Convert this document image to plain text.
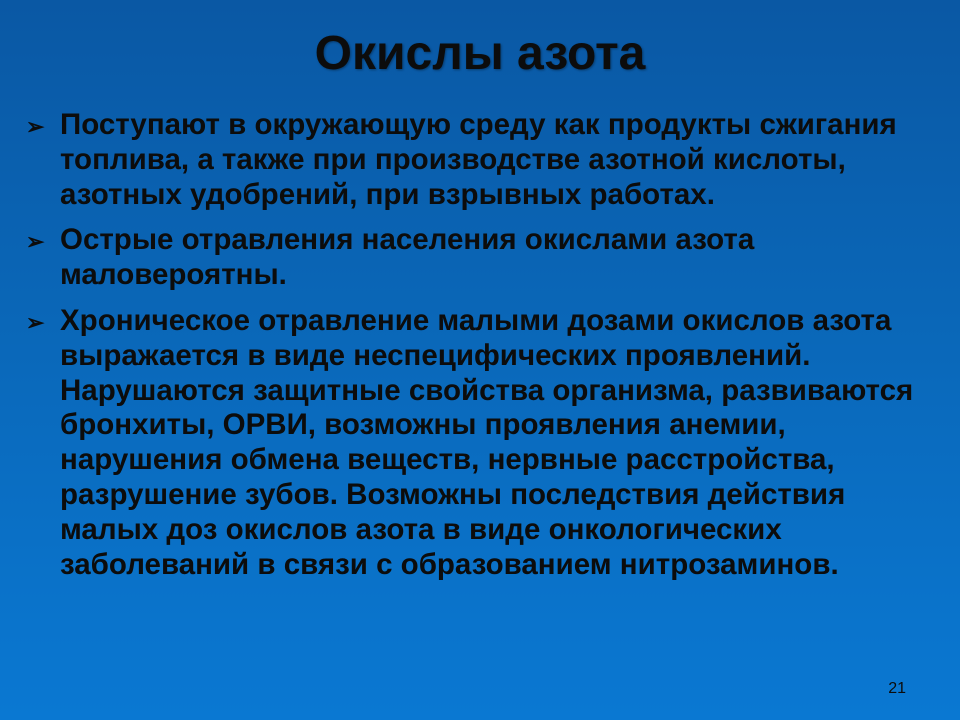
Окислы азота
➢ Поступают в окружающую среду как продукты сжигания топлива, а также при производстве азотной кислоты, азотных удобрений, при взрывных работах.
➢ Острые отравления населения окислами азота маловероятны.
➢ Хроническое отравление малыми дозами окислов азота выражается в виде неспецифических проявлений. Нарушаются защитные свойства организма, развиваются бронхиты, ОРВИ, возможны проявления анемии, нарушения обмена веществ, нервные расстройства, разрушение зубов. Возможны последствия действия малых доз окислов азота в виде онкологических заболеваний в связи с образованием нитрозаминов.
21
